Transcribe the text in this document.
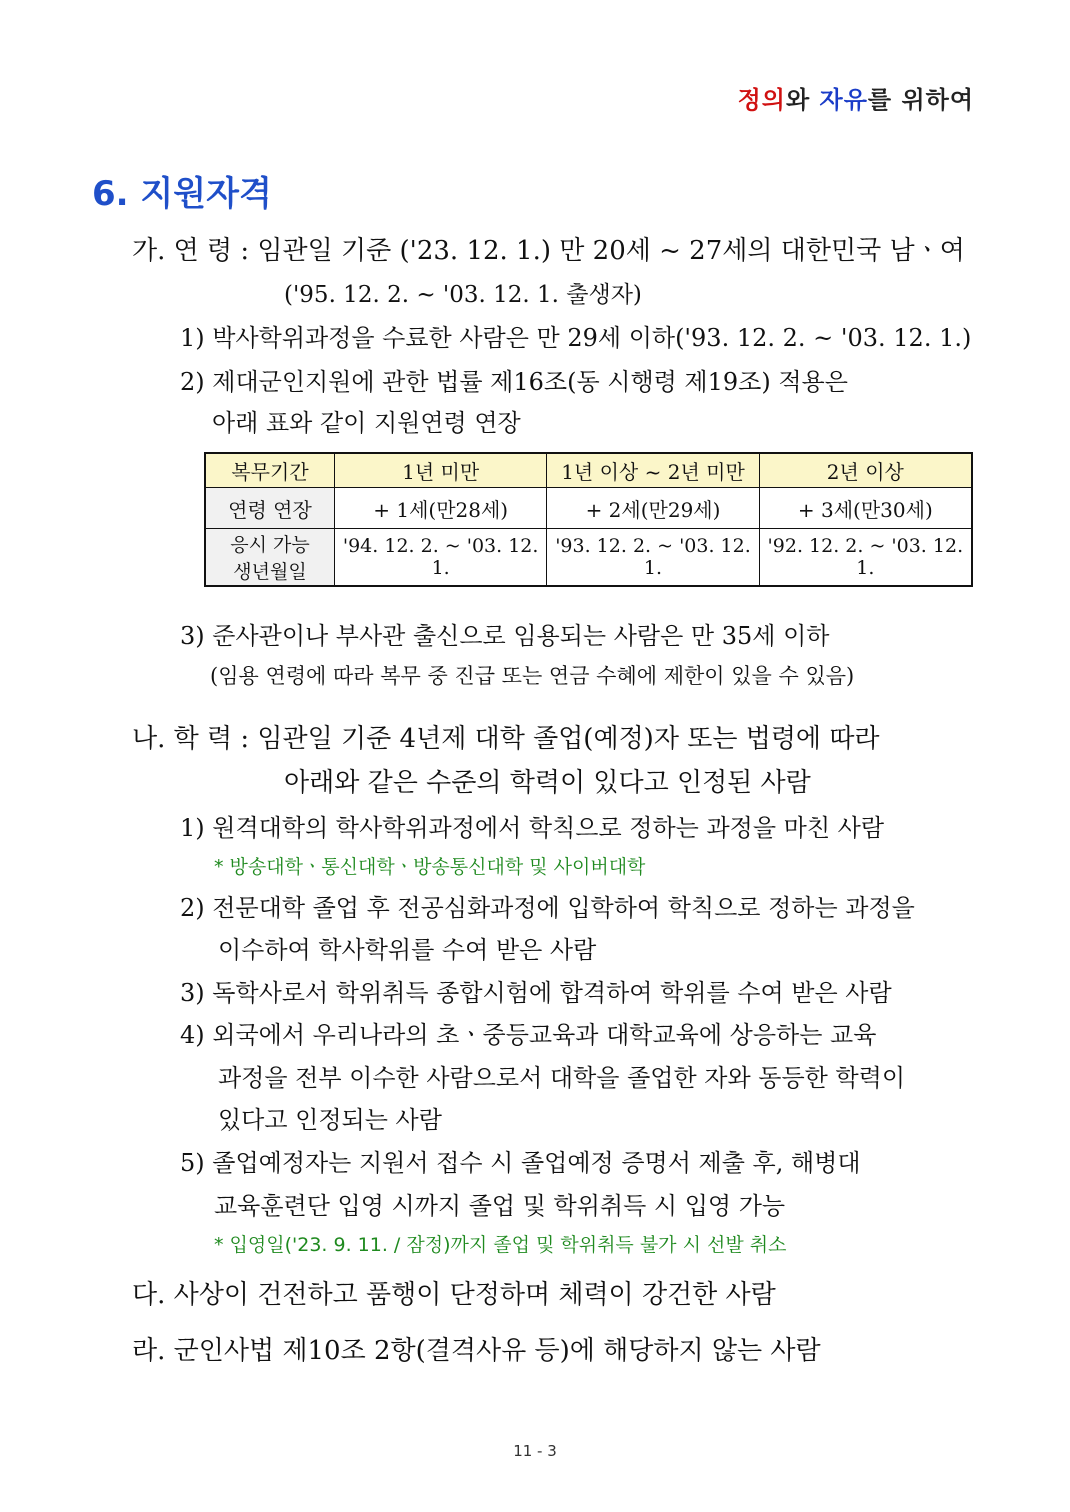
정의와 자유를 위하여
6. 지원자격
가. 연 령 : 임관일 기준 ('23. 12. 1.) 만 20세 ~ 27세의 대한민국 남ㆍ여
('95. 12. 2. ~ '03. 12. 1. 출생자)
1) 박사학위과정을 수료한 사람은 만 29세 이하('93. 12. 2. ~ '03. 12. 1.)
2) 제대군인지원에 관한 법률 제16조(동 시행령 제19조) 적용은
아래 표와 같이 지원연령 연장
복무기간	1년 미만	1년 이상 ~ 2년 미만	2년 이상
연령 연장	+ 1세(만28세)	+ 2세(만29세)	+ 3세(만30세)

응시 가능
생년월일	'94. 12. 2. ~ '03. 12. 1.	'93. 12. 2. ~ '03. 12. 1.	'92. 12. 2. ~ '03. 12. 1.
3) 준사관이나 부사관 출신으로 임용되는 사람은 만 35세 이하
(임용 연령에 따라 복무 중 진급 또는 연금 수혜에 제한이 있을 수 있음)
나. 학 력 : 임관일 기준 4년제 대학 졸업(예정)자 또는 법령에 따라
아래와 같은 수준의 학력이 있다고 인정된 사람
1) 원격대학의 학사학위과정에서 학칙으로 정하는 과정을 마친 사람
* 방송대학ㆍ통신대학ㆍ방송통신대학 및 사이버대학
2) 전문대학 졸업 후 전공심화과정에 입학하여 학칙으로 정하는 과정을
이수하여 학사학위를 수여 받은 사람
3) 독학사로서 학위취득 종합시험에 합격하여 학위를 수여 받은 사람
4) 외국에서 우리나라의 초ㆍ중등교육과 대학교육에 상응하는 교육
과정을 전부 이수한 사람으로서 대학을 졸업한 자와 동등한 학력이
있다고 인정되는 사람
5) 졸업예정자는 지원서 접수 시 졸업예정 증명서 제출 후, 해병대
교육훈련단 입영 시까지 졸업 및 학위취득 시 입영 가능
* 입영일('23. 9. 11. / 잠정)까지 졸업 및 학위취득 불가 시 선발 취소
다. 사상이 건전하고 품행이 단정하며 체력이 강건한 사람
라. 군인사법 제10조 2항(결격사유 등)에 해당하지 않는 사람
11 - 3
